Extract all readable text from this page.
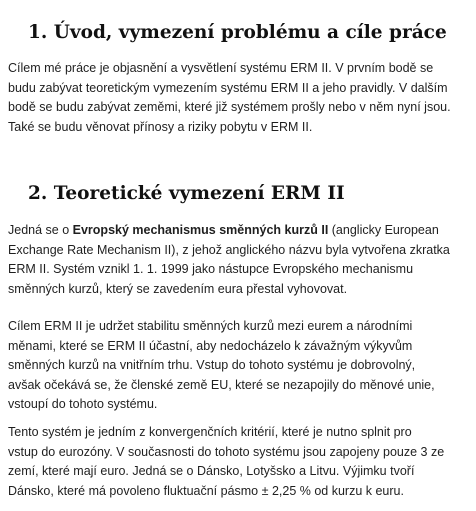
1. Úvod, vymezení problému a cíle práce

Cílem mé práce je objasnění a vysvětlení systému ERM II. V prvním bodě se
budu zabývat teoretickým vymezením systému ERM II a jeho pravidly. V dalším
bodě se budu zabývat zeměmi, které již systémem prošly nebo v něm nyní jsou.
Také se budu věnovat přínosy a riziky pobytu v ERM II.

2. Teoretické vymezení ERM II

Jedná se o Evropský mechanismus směnných kurzů II (anglicky European
Exchange Rate Mechanism II), z jehož anglického názvu byla vytvořena zkratka
ERM II. Systém vznikl 1. 1. 1999 jako nástupce Evropského mechanismu
směnných kurzů, který se zavedením eura přestal vyhovovat.

Cílem ERM II je udržet stabilitu směnných kurzů mezi eurem a národními
měnami, které se ERM II účastní, aby nedocházelo k závažným výkyvům
směnných kurzů na vnitřním trhu. Vstup do tohoto systému je dobrovolný,
avšak očekává se, že členské země EU, které se nezapojily do měnové unie,
vstoupí do tohoto systému.

Tento systém je jedním z konvergenčních kritérií, které je nutno splnit pro
vstup do eurozóny. V současnosti do tohoto systému jsou zapojeny pouze 3 ze
zemí, které mají euro. Jedná se o Dánsko, Lotyšsko a Litvu. Výjimku tvoří
Dánsko, které má povoleno fluktuační pásmo ± 2,25 % od kurzu k euru.
